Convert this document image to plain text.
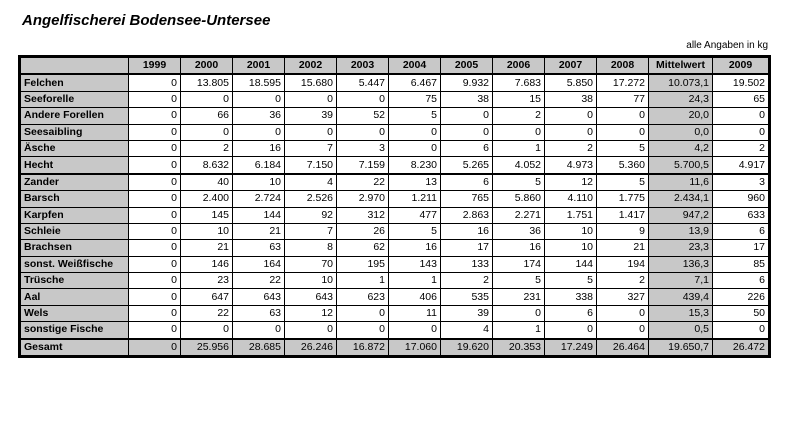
Angelfischerei Bodensee-Untersee
alle Angaben in kg
	1999	2000	2001	2002	2003	2004	2005	2006	2007	2008	Mittelwert	2009
Felchen	0	13.805	18.595	15.680	5.447	6.467	9.932	7.683	5.850	17.272	10.073,1	19.502
Seeforelle	0	0	0	0	0	75	38	15	38	77	24,3	65
Andere Forellen	0	66	36	39	52	5	0	2	0	0	20,0	0
Seesaibling	0	0	0	0	0	0	0	0	0	0	0,0	0
Äsche	0	2	16	7	3	0	6	1	2	5	4,2	2
Hecht	0	8.632	6.184	7.150	7.159	8.230	5.265	4.052	4.973	5.360	5.700,5	4.917
Zander	0	40	10	4	22	13	6	5	12	5	11,6	3
Barsch	0	2.400	2.724	2.526	2.970	1.211	765	5.860	4.110	1.775	2.434,1	960
Karpfen	0	145	144	92	312	477	2.863	2.271	1.751	1.417	947,2	633
Schleie	0	10	21	7	26	5	16	36	10	9	13,9	6
Brachsen	0	21	63	8	62	16	17	16	10	21	23,3	17
sonst. Weißfische	0	146	164	70	195	143	133	174	144	194	136,3	85
Trüsche	0	23	22	10	1	1	2	5	5	2	7,1	6
Aal	0	647	643	643	623	406	535	231	338	327	439,4	226
Wels	0	22	63	12	0	11	39	0	6	0	15,3	50
sonstige Fische	0	0	0	0	0	0	4	1	0	0	0,5	0
Gesamt	0	25.956	28.685	26.246	16.872	17.060	19.620	20.353	17.249	26.464	19.650,7	26.472
